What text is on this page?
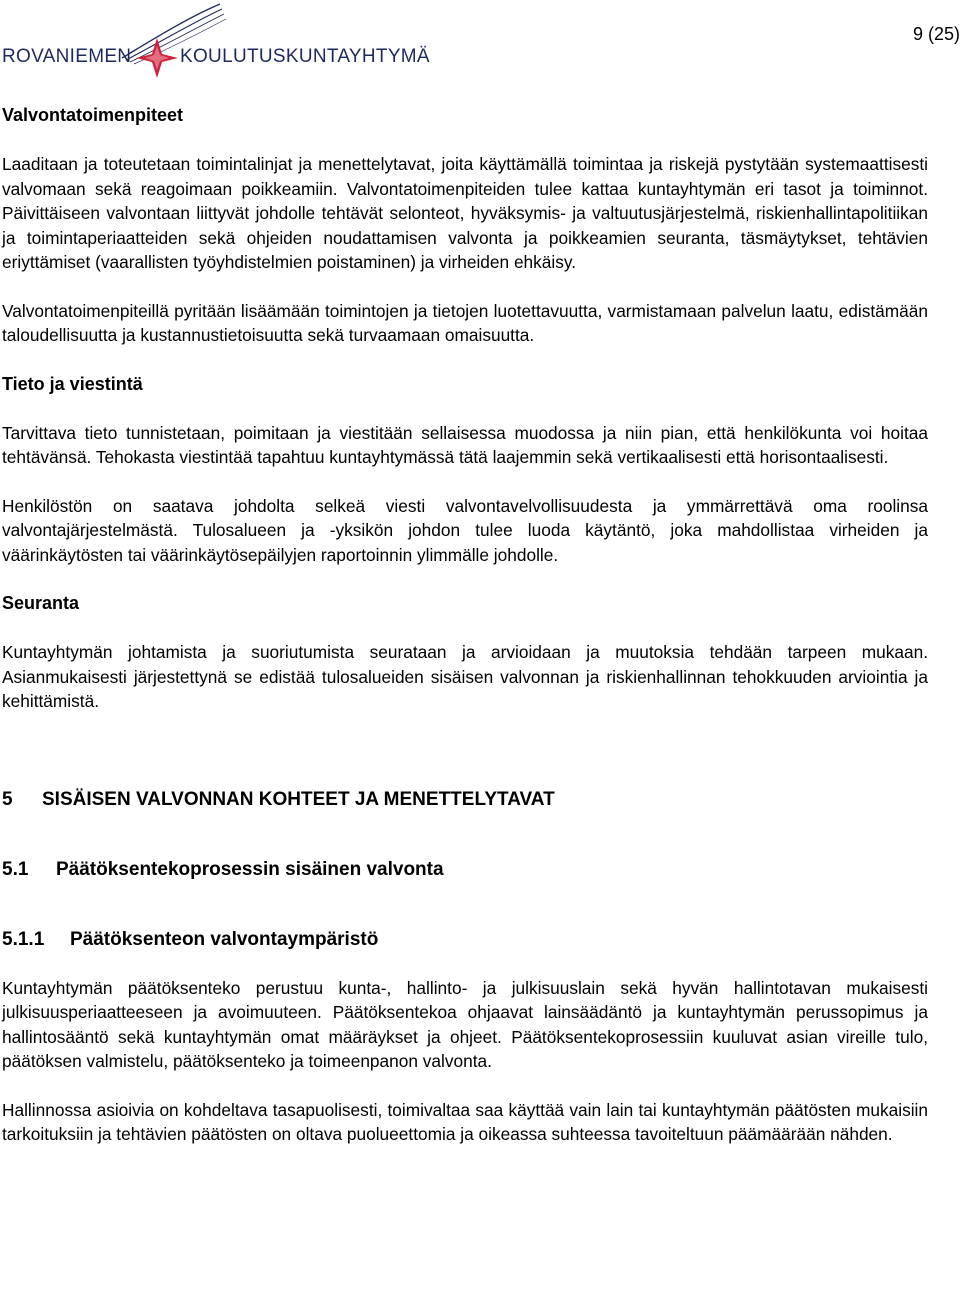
ROVANIEMEN	KOULUTUSKUNTAYHTYMÄ
9 (25)
Valvontatoimenpiteet

Laaditaan ja toteutetaan toimintalinjat ja menettelytavat, joita käyttämällä toimintaa ja riskejä pystytään systemaattisesti valvomaan sekä reagoimaan poikkeamiin. Valvontatoimenpiteiden tulee kattaa kuntayhtymän eri tasot ja toiminnot. Päivittäiseen valvontaan liittyvät johdolle tehtävät selonteot, hyväksymis- ja valtuutusjärjestelmä, riskienhallintapolitiikan ja toimintaperiaatteiden sekä ohjeiden noudattamisen valvonta ja poikkeamien seuranta, täsmäytykset, tehtävien eriyttämiset (vaarallisten työyhdistelmien poistaminen) ja virheiden ehkäisy.

Valvontatoimenpiteillä pyritään lisäämään toimintojen ja tietojen luotettavuutta, varmistamaan palvelun laatu, edistämään taloudellisuutta ja kustannustietoisuutta sekä turvaamaan omaisuutta.

Tieto ja viestintä

Tarvittava tieto tunnistetaan, poimitaan ja viestitään sellaisessa muodossa ja niin pian, että henkilökunta voi hoitaa tehtävänsä. Tehokasta viestintää tapahtuu kuntayhtymässä tätä laajemmin sekä vertikaalisesti että horisontaalisesti.

Henkilöstön on saatava johdolta selkeä viesti valvontavelvollisuudesta ja ymmärrettävä oma roolinsa valvontajärjestelmästä. Tulosalueen ja -yksikön johdon tulee luoda käytäntö, joka mahdollistaa virheiden ja väärinkäytösten tai väärinkäytösepäilyjen raportoinnin ylimmälle johdolle.

Seuranta

Kuntayhtymän johtamista ja suoriutumista seurataan ja arvioidaan ja muutoksia tehdään tarpeen mukaan. Asianmukaisesti järjestettynä se edistää tulosalueiden sisäisen valvonnan ja riskienhallinnan tehokkuuden arviointia ja kehittämistä.

5 SISÄISEN VALVONNAN KOHTEET JA MENETTELYTAVAT
5.1 Päätöksentekoprosessin sisäinen valvonta
5.1.1 Päätöksenteon valvontaympäristö

Kuntayhtymän päätöksenteko perustuu kunta-, hallinto- ja julkisuuslain sekä hyvän hallintotavan mukaisesti julkisuusperiaatteeseen ja avoimuuteen. Päätöksentekoa ohjaavat lainsäädäntö ja kuntayhtymän perussopimus ja hallintosääntö sekä kuntayhtymän omat määräykset ja ohjeet. Päätöksentekoprosessiin kuuluvat asian vireille tulo, päätöksen valmistelu, päätöksenteko ja toimeenpanon valvonta.

Hallinnossa asioivia on kohdeltava tasapuolisesti, toimivaltaa saa käyttää vain lain tai kuntayhtymän päätösten mukaisiin tarkoituksiin ja tehtävien päätösten on oltava puolueettomia ja oikeassa suhteessa tavoiteltuun päämäärään nähden.
